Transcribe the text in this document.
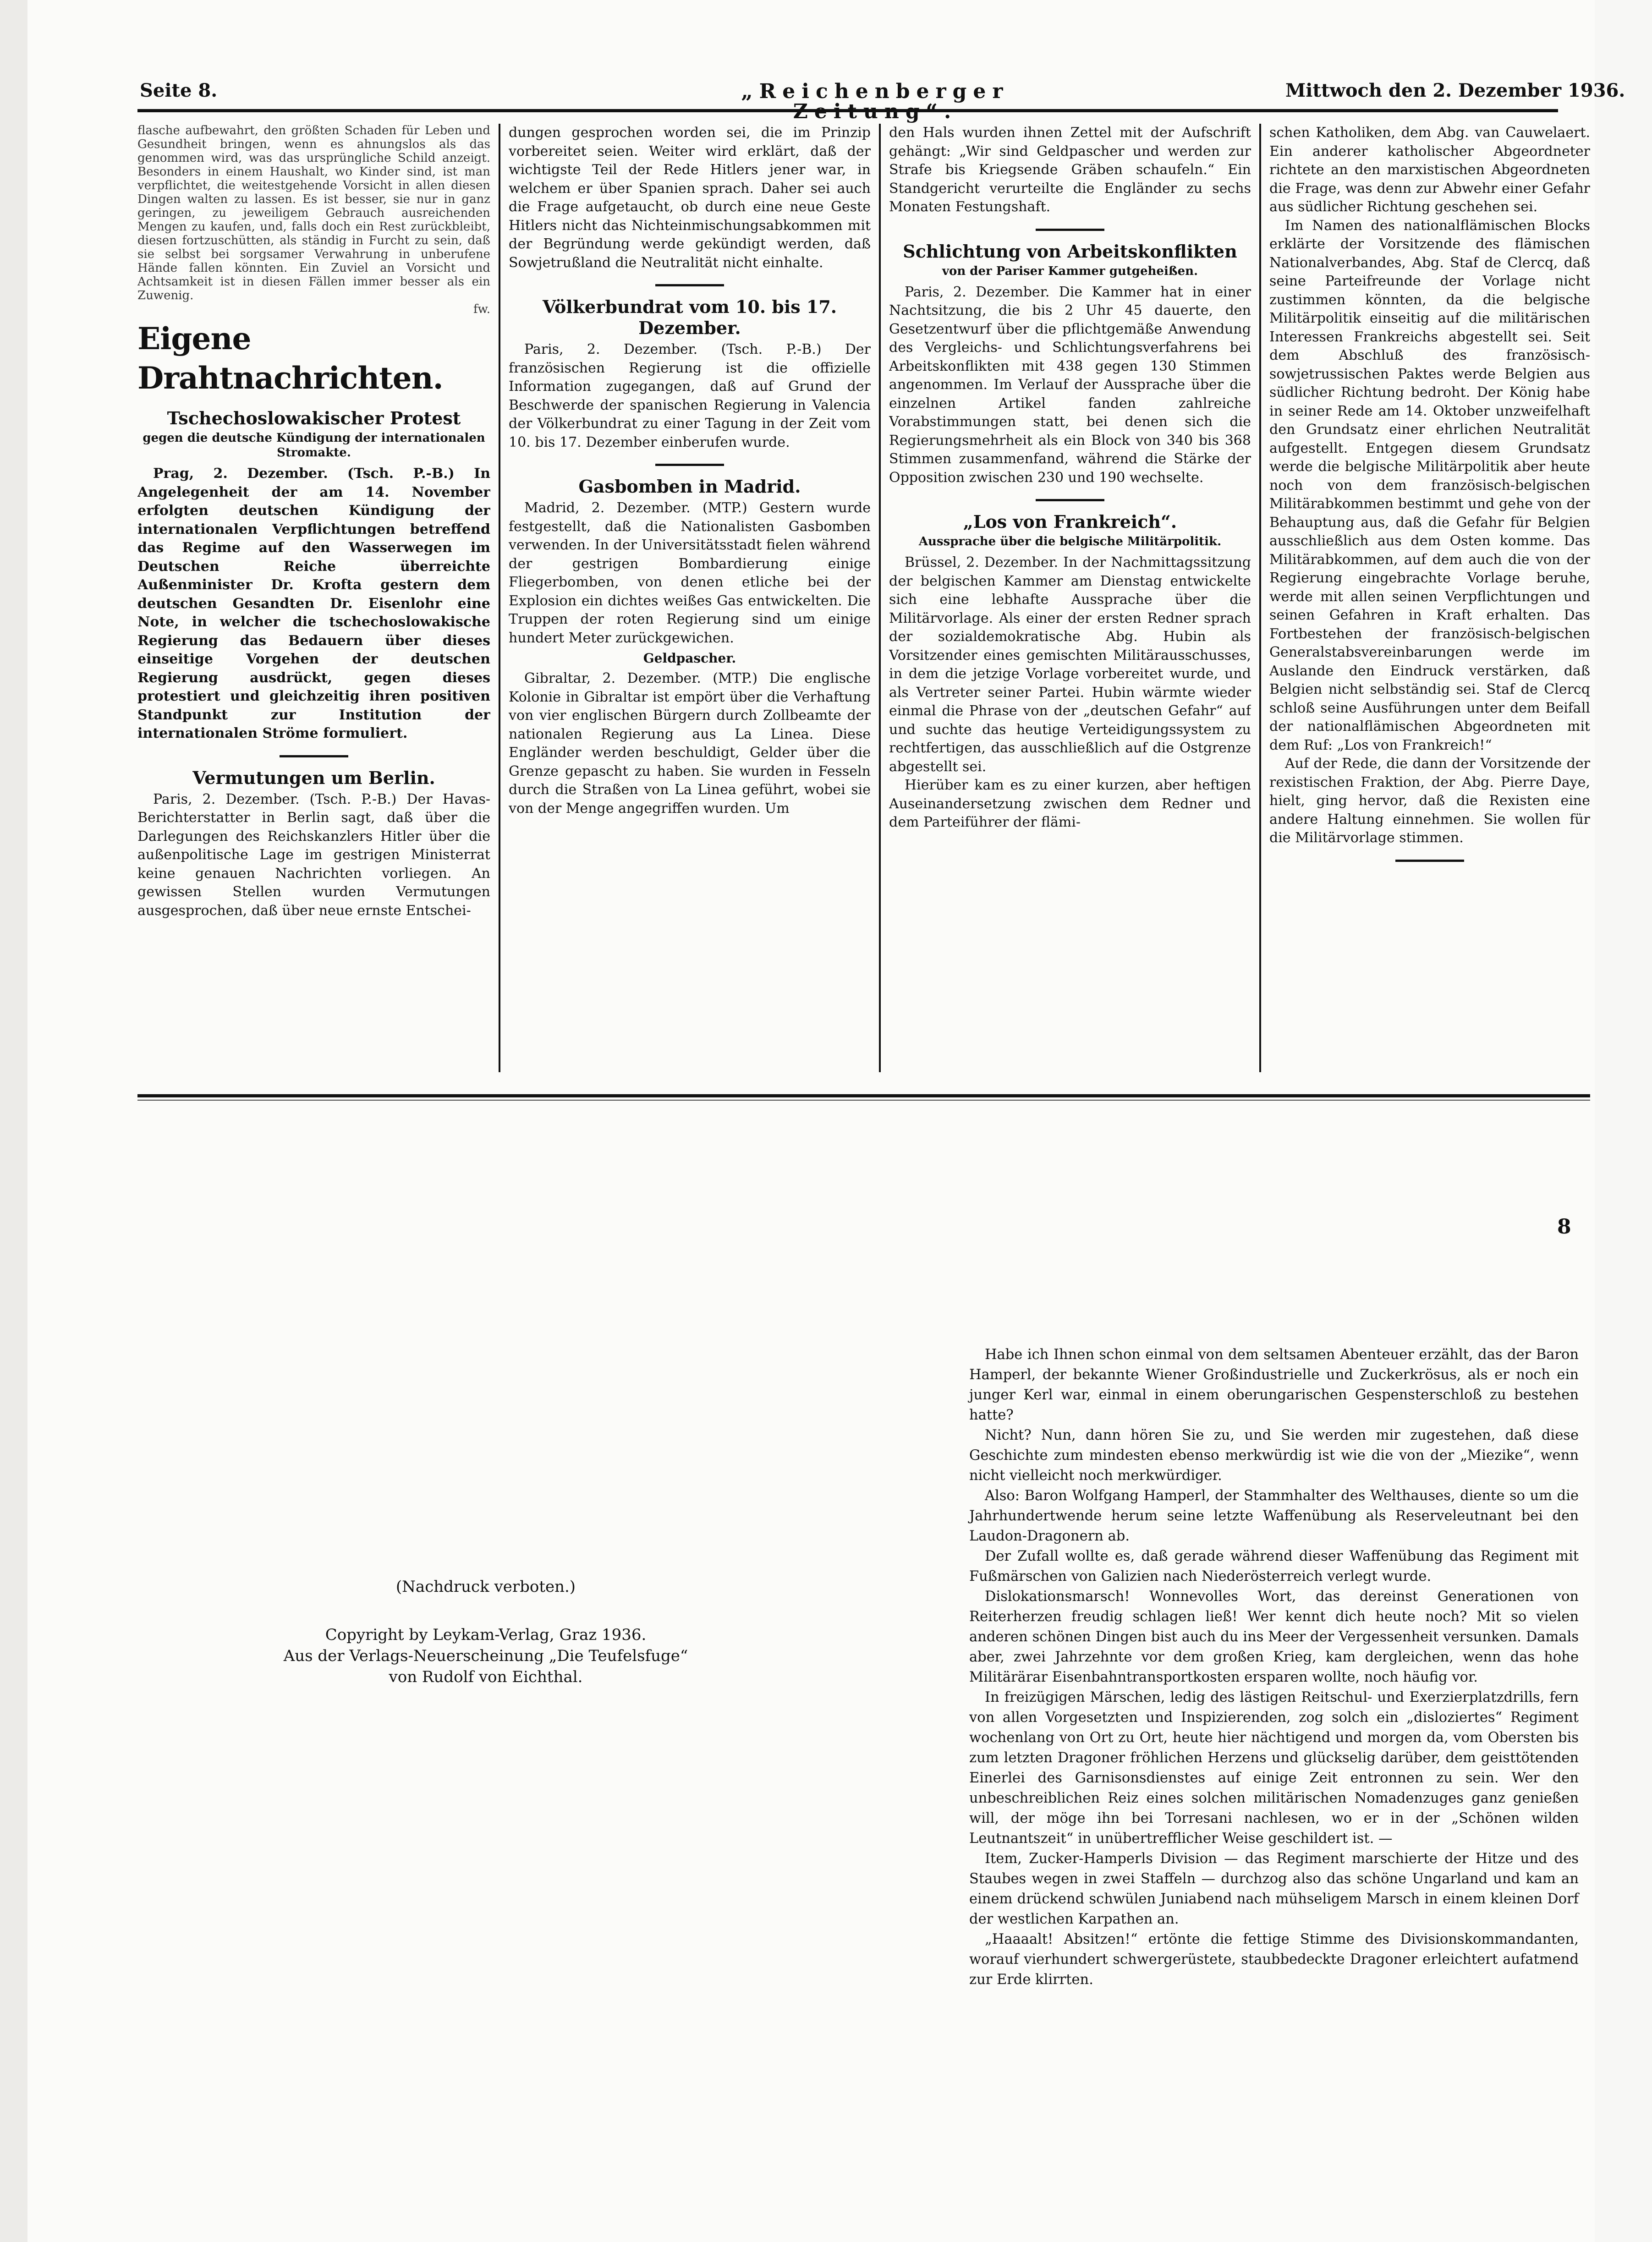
Seite 8.	„Reichenberger	Mittwoch den 2. Dezember 1936.

flasche aufbewahrt, den größten Schaden für Leben und Gesundheit bringen, wenn es ahnungslos als das genommen wird, was das ursprüngliche Schild anzeigt. Besonders in einem Haushalt, wo Kinder sind, ist man verpflichtet, die weitestgehende Vorsicht in allen diesen Dingen walten zu lassen. Es ist besser, sie nur in ganz geringen, zu jeweiligem Gebrauch ausreichenden Mengen zu kaufen, und, falls doch ein Rest zurückbleibt, diesen fortzuschütten, als ständig in Furcht zu sein, daß sie selbst bei sorgsamer Verwahrung in unberufene Hände fallen könnten. Ein Zuviel an Vorsicht und Achtsamkeit ist in diesen Fällen immer besser als ein Zuwenig.

fw.

Eigene Drahtnachrichten.
Tschechoslowakischer Protest
gegen die deutsche Kündigung der internationalen Stromakte.

Prag, 2. Dezember. (Tsch. P.-B.) In Angelegenheit der am 14. November erfolgten deutschen Kündigung der internationalen Verpflichtungen betreffend das Regime auf den Wasserwegen im Deutschen Reiche überreichte Außenminister Dr. Krofta gestern dem deutschen Gesandten Dr. Eisenlohr eine Note, in welcher die tschechoslowakische Regierung das Bedauern über dieses einseitige Vorgehen der deutschen Regierung ausdrückt, gegen dieses protestiert und gleichzeitig ihren positiven Standpunkt zur Institution der internationalen Ströme formuliert.

Vermutungen um Berlin.

Paris, 2. Dezember. (Tsch. P.-B.) Der Havas-Berichterstatter in Berlin sagt, daß über die Darlegungen des Reichskanzlers Hitler über die außenpolitische Lage im gestrigen Ministerrat keine genauen Nachrichten vorliegen. An gewissen Stellen wurden Vermutungen ausgesprochen, daß über neue ernste Entschei-

dungen gesprochen worden sei, die im Prinzip vorbereitet seien. Weiter wird erklärt, daß der wichtigste Teil der Rede Hitlers jener war, in welchem er über Spanien sprach. Daher sei auch die Frage aufgetaucht, ob durch eine neue Geste Hitlers nicht das Nichteinmischungsabkommen mit der Begründung werde gekündigt werden, daß Sowjetrußland die Neutralität nicht einhalte.

Völkerbundrat vom 10. bis 17. Dezember.

Paris, 2. Dezember. (Tsch. P.-B.) Der französischen Regierung ist die offizielle Information zugegangen, daß auf Grund der Beschwerde der spanischen Regierung in Valencia der Völkerbundrat zu einer Tagung in der Zeit vom 10. bis 17. Dezember einberufen wurde.

Gasbomben in Madrid.

Madrid, 2. Dezember. (MTP.) Gestern wurde festgestellt, daß die Nationalisten Gasbomben verwenden. In der Universitätsstadt fielen während der gestrigen Bombardierung einige Fliegerbomben, von denen etliche bei der Explosion ein dichtes weißes Gas entwickelten. Die Truppen der roten Regierung sind um einige hundert Meter zurückgewichen.

Geldpascher.

Gibraltar, 2. Dezember. (MTP.) Die englische Kolonie in Gibraltar ist empört über die Verhaftung von vier englischen Bürgern durch Zollbeamte der nationalen Regierung aus La Linea. Diese Engländer werden beschuldigt, Gelder über die Grenze gepascht zu haben. Sie wurden in Fesseln durch die Straßen von La Linea geführt, wobei sie von der Menge angegriffen wurden. Um

den Hals wurden ihnen Zettel mit der Aufschrift gehängt: „Wir sind Geldpascher und werden zur Strafe bis Kriegsende Gräben schaufeln.“ Ein Standgericht verurteilte die Engländer zu sechs Monaten Festungshaft.

Schlichtung von Arbeitskonflikten
von der Pariser Kammer gutgeheißen.

Paris, 2. Dezember. Die Kammer hat in einer Nachtsitzung, die bis 2 Uhr 45 dauerte, den Gesetzentwurf über die pflichtgemäße Anwendung des Vergleichs- und Schlichtungsverfahrens bei Arbeitskonflikten mit 438 gegen 130 Stimmen angenommen. Im Verlauf der Aussprache über die einzelnen Artikel fanden zahlreiche Vorabstimmungen statt, bei denen sich die Regierungsmehrheit als ein Block von 340 bis 368 Stimmen zusammenfand, während die Stärke der Opposition zwischen 230 und 190 wechselte.

„Los von Frankreich“.
Aussprache über die belgische Militärpolitik.

Brüssel, 2. Dezember. In der Nachmittagssitzung der belgischen Kammer am Dienstag entwickelte sich eine lebhafte Aussprache über die Militärvorlage. Als einer der ersten Redner sprach der sozialdemokratische Abg. Hubin als Vorsitzender eines gemischten Militärausschusses, in dem die jetzige Vorlage vorbereitet wurde, und als Vertreter seiner Partei. Hubin wärmte wieder einmal die Phrase von der „deutschen Gefahr“ auf und suchte das heutige Verteidigungssystem zu rechtfertigen, das ausschließlich auf die Ostgrenze abgestellt sei.

Hierüber kam es zu einer kurzen, aber heftigen Auseinandersetzung zwischen dem Redner und dem Parteiführer der flämi-

schen Katholiken, dem Abg. van Cauwelaert. Ein anderer katholischer Abgeordneter richtete an den marxistischen Abgeordneten die Frage, was denn zur Abwehr einer Gefahr aus südlicher Richtung geschehen sei.

Im Namen des nationalflämischen Blocks erklärte der Vorsitzende des flämischen Nationalverbandes, Abg. Staf de Clercq, daß seine Parteifreunde der Vorlage nicht zustimmen könnten, da die belgische Militärpolitik einseitig auf die militärischen Interessen Frankreichs abgestellt sei. Seit dem Abschluß des französisch-sowjetrussischen Paktes werde Belgien aus südlicher Richtung bedroht. Der König habe in seiner Rede am 14. Oktober unzweifelhaft den Grundsatz einer ehrlichen Neutralität aufgestellt. Entgegen diesem Grundsatz werde die belgische Militärpolitik aber heute noch von dem französisch-belgischen Militärabkommen bestimmt und gehe von der Behauptung aus, daß die Gefahr für Belgien ausschließlich aus dem Osten komme. Das Militärabkommen, auf dem auch die von der Regierung eingebrachte Vorlage beruhe, werde mit allen seinen Verpflichtungen und seinen Gefahren in Kraft erhalten. Das Fortbestehen der französisch-belgischen Generalstabsvereinbarungen werde im Auslande den Eindruck verstärken, daß Belgien nicht selbständig sei. Staf de Clercq schloß seine Ausführungen unter dem Beifall der nationalflämischen Abgeordneten mit dem Ruf: „Los von Frankreich!“

Auf der Rede, die dann der Vorsitzende der rexistischen Fraktion, der Abg. Pierre Daye, hielt, ging hervor, daß die Rexisten eine andere Haltung einnehmen. Sie wollen für die Militärvorlage stimmen.

8
(Nachdruck verboten.)
Copyright by Leykam-Verlag, Graz 1936.
Aus der Verlags-Neuerscheinung „Die Teufelsfuge“
von Rudolf von Eichthal.

Habe ich Ihnen schon einmal von dem seltsamen Abenteuer erzählt, das der Baron Hamperl, der bekannte Wiener Großindustrielle und Zuckerkrösus, als er noch ein junger Kerl war, einmal in einem oberungarischen Gespensterschloß zu bestehen hatte?

Nicht? Nun, dann hören Sie zu, und Sie werden mir zugestehen, daß diese Geschichte zum mindesten ebenso merkwürdig ist wie die von der „Miezike“, wenn nicht vielleicht noch merkwürdiger.

Also: Baron Wolfgang Hamperl, der Stammhalter des Welthauses, diente so um die Jahrhundertwende herum seine letzte Waffenübung als Reserveleutnant bei den Laudon-Dragonern ab.

Der Zufall wollte es, daß gerade während dieser Waffenübung das Regiment mit Fußmärschen von Galizien nach Niederösterreich verlegt wurde.

Dislokationsmarsch! Wonnevolles Wort, das dereinst Generationen von Reiterherzen freudig schlagen ließ! Wer kennt dich heute noch? Mit so vielen anderen schönen Dingen bist auch du ins Meer der Vergessenheit versunken. Damals aber, zwei Jahrzehnte vor dem großen Krieg, kam dergleichen, wenn das hohe Militärärar Eisenbahntransportkosten ersparen wollte, noch häufig vor.

In freizügigen Märschen, ledig des lästigen Reitschul- und Exerzierplatzdrills, fern von allen Vorgesetzten und Inspizierenden, zog solch ein „disloziertes“ Regiment wochenlang von Ort zu Ort, heute hier nächtigend und morgen da, vom Obersten bis zum letzten Dragoner fröhlichen Herzens und glückselig darüber, dem geisttötenden Einerlei des Garnisonsdienstes auf einige Zeit entronnen zu sein. Wer den unbeschreiblichen Reiz eines solchen militärischen Nomadenzuges ganz genießen will, der möge ihn bei Torresani nachlesen, wo er in der „Schönen wilden Leutnantszeit“ in unübertrefflicher Weise geschildert ist. —

Item, Zucker-Hamperls Division — das Regiment marschierte der Hitze und des Staubes wegen in zwei Staffeln — durchzog also das schöne Ungarland und kam an einem drückend schwülen Juniabend nach mühseligem Marsch in einem kleinen Dorf der westlichen Karpathen an.

„Haaaalt! Absitzen!“ ertönte die fettige Stimme des Divisionskommandanten, worauf vierhundert schwergerüstete, staubbedeckte Dragoner erleichtert aufatmend zur Erde klirrten.
